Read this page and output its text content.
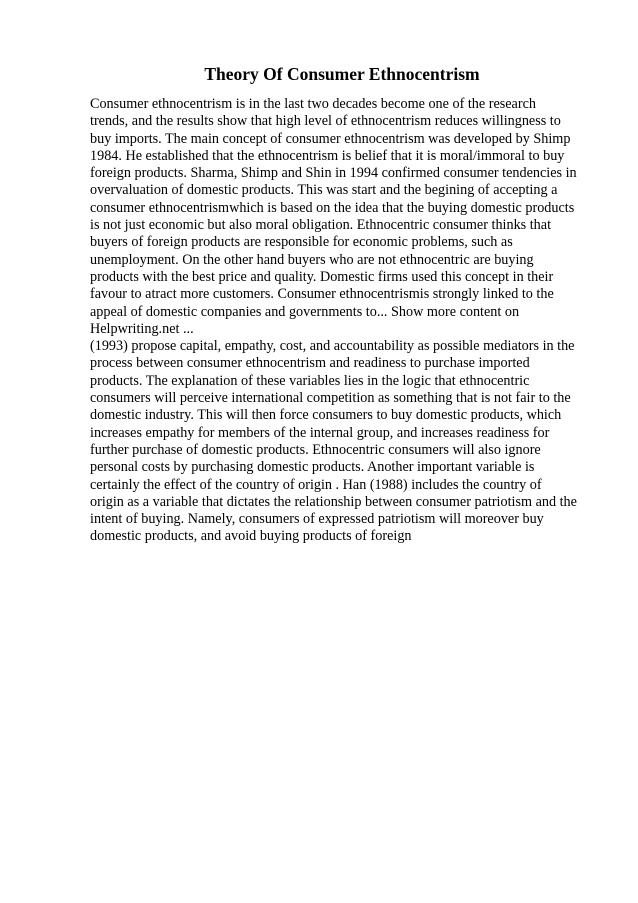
Theory Of Consumer Ethnocentrism
Consumer ethnocentrism is in the last two decades become one of the research
trends, and the results show that high level of ethnocentrism reduces willingness to
buy imports. The main concept of consumer ethnocentrism was developed by Shimp
1984. He established that the ethnocentrism is belief that it is moral/immoral to buy
foreign products. Sharma, Shimp and Shin in 1994 confirmed consumer tendencies in
overvaluation of domestic products. This was start and the begining of accepting a
consumer ethnocentrismwhich is based on the idea that the buying domestic products
is not just economic but also moral obligation. Ethnocentric consumer thinks that
buyers of foreign products are responsible for economic problems, such as
unemployment. On the other hand buyers who are not ethnocentric are buying
products with the best price and quality. Domestic firms used this concept in their
favour to atract more customers. Consumer ethnocentrismis strongly linked to the
appeal of domestic companies and governments to... Show more content on
Helpwriting.net ...
(1993) propose capital, empathy, cost, and accountability as possible mediators in the
process between consumer ethnocentrism and readiness to purchase imported
products. The explanation of these variables lies in the logic that ethnocentric
consumers will perceive international competition as something that is not fair to the
domestic industry. This will then force consumers to buy domestic products, which
increases empathy for members of the internal group, and increases readiness for
further purchase of domestic products. Ethnocentric consumers will also ignore
personal costs by purchasing domestic products. Another important variable is
certainly the effect of the country of origin . Han (1988) includes the country of
origin as a variable that dictates the relationship between consumer patriotism and the
intent of buying. Namely, consumers of expressed patriotism will moreover buy
domestic products, and avoid buying products of foreign
